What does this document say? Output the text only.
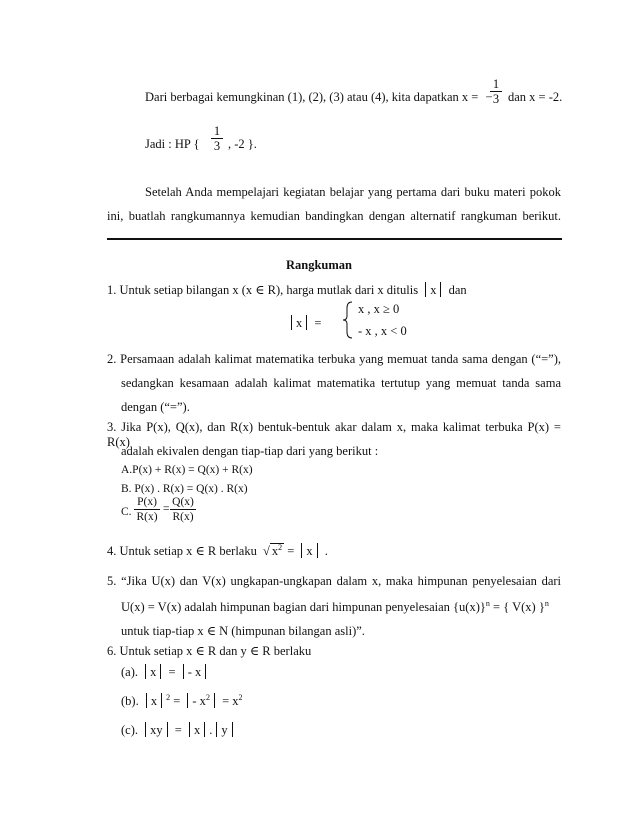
Dari berbagai kemungkinan (1), (2), (3) atau (4), kita dapatkan x = −
1
3 dan x = -2.
Jadi : HP {
1
3 , -2 }.
Setelah Anda mempelajari kegiatan belajar yang pertama dari buku materi pokok
ini, buatlah rangkumannya kemudian bandingkan dengan alternatif rangkuman berikut.
Rangkuman
1. Untuk setiap bilangan x (x ∈ R), harga mutlak dari x ditulis x dan
x =
x , x ≥ 0
- x , x < 0
2. Persamaan adalah kalimat matematika terbuka yang memuat tanda sama dengan (“=”),
sedangkan kesamaan adalah kalimat matematika tertutup yang memuat tanda sama
dengan (“=”).
3. Jika P(x), Q(x), dan R(x) bentuk-bentuk akar dalam x, maka kalimat terbuka P(x) = R(x)
adalah ekivalen dengan tiap-tiap dari yang berikut :
A.P(x) + R(x) = Q(x) + R(x)
B. P(x) . R(x) = Q(x) . R(x)
C.
P(x)
R(x)
=
Q(x)
R(x)
4. Untuk setiap x ∈ R berlaku √ $x^2 = x$ .
5. “Jika U(x) dan V(x) ungkapan-ungkapan dalam x, maka himpunan penyelesaian dari
U(x) = V(x) adalah himpunan bagian dari himpunan penyelesaian $\{u(x)\}^n$ = { V(x) }$^n$
untuk tiap-tiap x ∈ N (himpunan bilangan asli)”.
6. Untuk setiap x ∈ R dan y ∈ R berlaku
(a). x = - x
(b). x $^2$ = - $x^2 = x^2$
(c). xy = x . y
